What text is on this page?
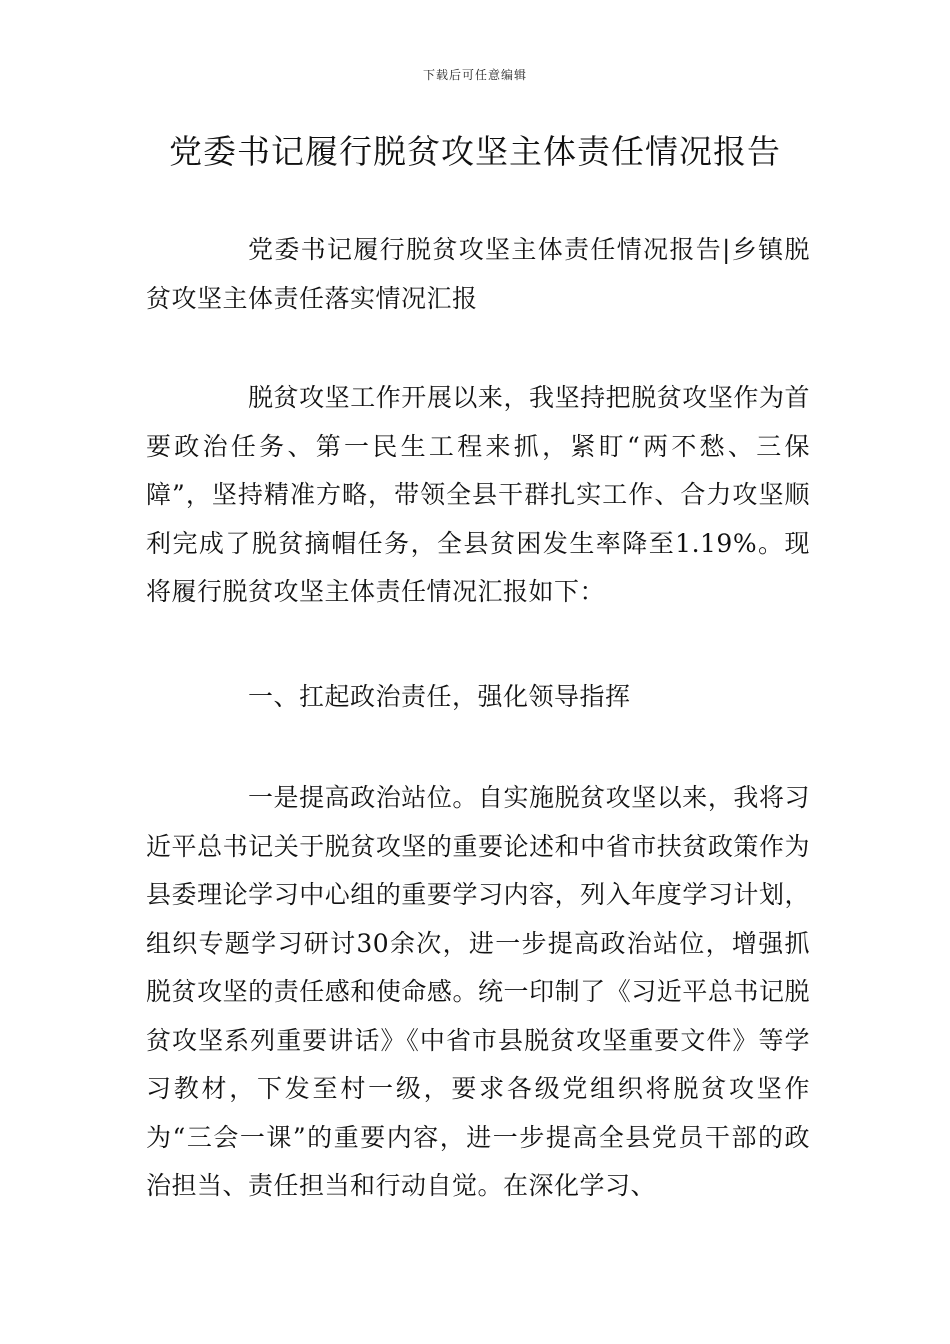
下载后可任意编辑
党委书记履行脱贫攻坚主体责任情况报告

党委书记履行脱贫攻坚主体责任情况报告|乡镇脱贫攻坚主体责任落实情况汇报

脱贫攻坚工作开展以来，我坚持把脱贫攻坚作为首要政治任务、第一民生工程来抓，紧盯“两不愁、三保障”，坚持精准方略，带领全县干群扎实工作、合力攻坚顺利完成了脱贫摘帽任务，全县贫困发生率降至1.19%。现将履行脱贫攻坚主体责任情况汇报如下：

一、扛起政治责任，强化领导指挥

一是提高政治站位。自实施脱贫攻坚以来，我将习近平总书记关于脱贫攻坚的重要论述和中省市扶贫政策作为县委理论学习中心组的重要学习内容，列入年度学习计划，组织专题学习研讨30余次，进一步提高政治站位，增强抓脱贫攻坚的责任感和使命感。统一印制了《习近平总书记脱贫攻坚系列重要讲话》《中省市县脱贫攻坚重要文件》等学习教材，下发至村一级，要求各级党组织将脱贫攻坚作为“三会一课”的重要内容，进一步提高全县党员干部的政治担当、责任担当和行动自觉。在深化学习、
